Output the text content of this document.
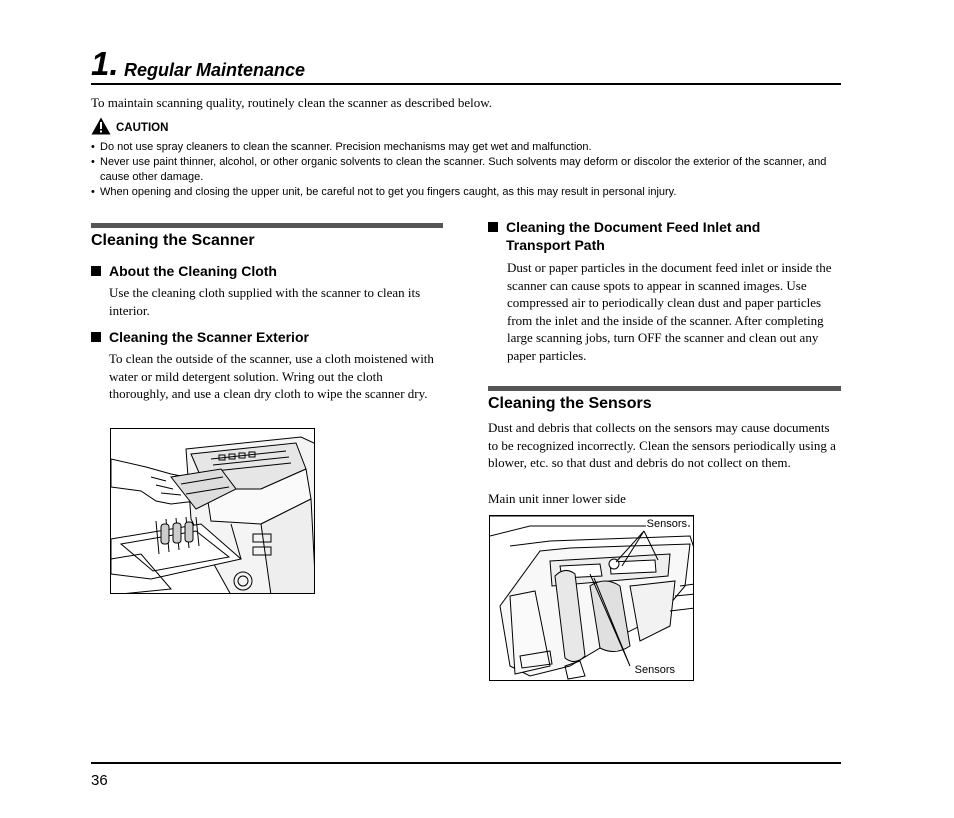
1. Regular Maintenance
To maintain scanning quality, routinely clean the scanner as described below.
CAUTION
• Do not use spray cleaners to clean the scanner. Precision mechanisms may get wet and malfunction.
• Never use paint thinner, alcohol, or other organic solvents to clean the scanner. Such solvents may deform or discolor the exterior of the scanner, and cause other damage.
• When opening and closing the upper unit, be careful not to get you fingers caught, as this may result in personal injury.
Cleaning the Scanner
About the Cleaning Cloth
Use the cleaning cloth supplied with the scanner to clean its interior.
Cleaning the Scanner Exterior
To clean the outside of the scanner, use a cloth moistened with water or mild detergent solution. Wring out the cloth thoroughly, and use a clean dry cloth to wipe the scanner dry.
Cleaning the Document Feed Inlet and
Transport Path
Dust or paper particles in the document feed inlet or inside the scanner can cause spots to appear in scanned images. Use compressed air to periodically clean dust and paper particles from the inlet and the inside of the scanner. After completing large scanning jobs, turn OFF the scanner and clean out any paper particles.
Cleaning the Sensors
Dust and debris that collects on the sensors may cause documents to be recognized incorrectly. Clean the sensors periodically using a blower, etc. so that dust and debris do not collect on them.
Main unit inner lower side
Sensors
Sensors
36
